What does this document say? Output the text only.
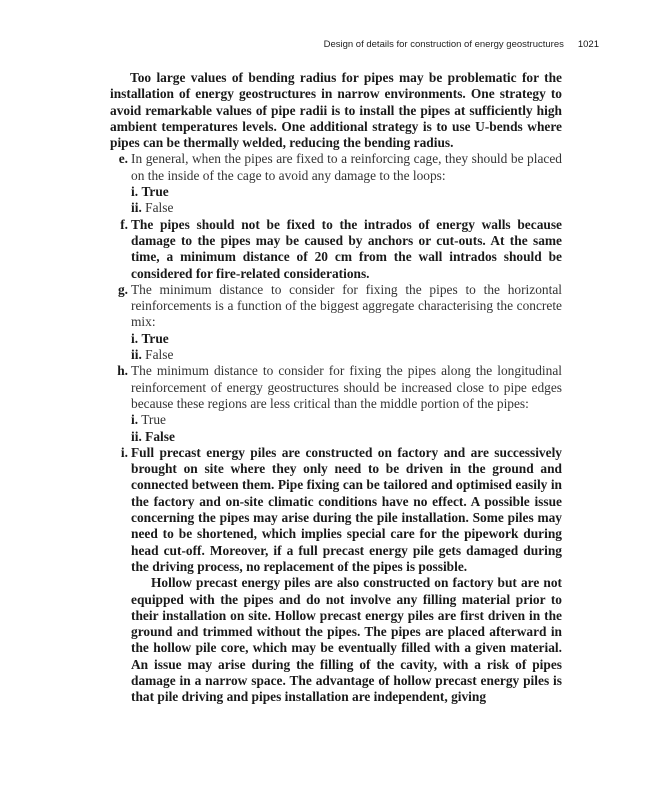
Design of details for construction of energy geostructures 1021

Too large values of bending radius for pipes may be problematic for the installation of energy geostructures in narrow environments. One strategy to avoid remarkable values of pipe radii is to install the pipes at sufficiently high ambient temperatures levels. One additional strategy is to use U-bends where pipes can be thermally welded, reducing the bending radius.

e. In general, when the pipes are fixed to a reinforcing cage, they should be placed on the inside of the cage to avoid any damage to the loops:

i. True
ii. False
f. The pipes should not be fixed to the intrados of energy walls because damage to the pipes may be caused by anchors or cut-outs. At the same time, a minimum distance of 20 cm from the wall intrados should be considered for fire-related considerations.

g. The minimum distance to consider for fixing the pipes to the horizontal reinforcements is a function of the biggest aggregate characterising the concrete mix:

i. True
ii. False
h. The minimum distance to consider for fixing the pipes along the longitudinal reinforcement of energy geostructures should be increased close to pipe edges because these regions are less critical than the middle portion of the pipes:

i. True
ii. False
i. Full precast energy piles are constructed on factory and are successively brought on site where they only need to be driven in the ground and connected between them. Pipe fixing can be tailored and optimised easily in the factory and on-site climatic conditions have no effect. A possible issue concerning the pipes may arise during the pile installation. Some piles may need to be shortened, which implies special care for the pipework during head cut-off. Moreover, if a full precast energy pile gets damaged during the driving process, no replacement of the pipes is possible.

Hollow precast energy piles are also constructed on factory but are not equipped with the pipes and do not involve any filling material prior to their installation on site. Hollow precast energy piles are first driven in the ground and trimmed without the pipes. The pipes are placed afterward in the hollow pile core, which may be eventually filled with a given material. An issue may arise during the filling of the cavity, with a risk of pipes damage in a narrow space. The advantage of hollow precast energy piles is that pile driving and pipes installation are independent, giving
